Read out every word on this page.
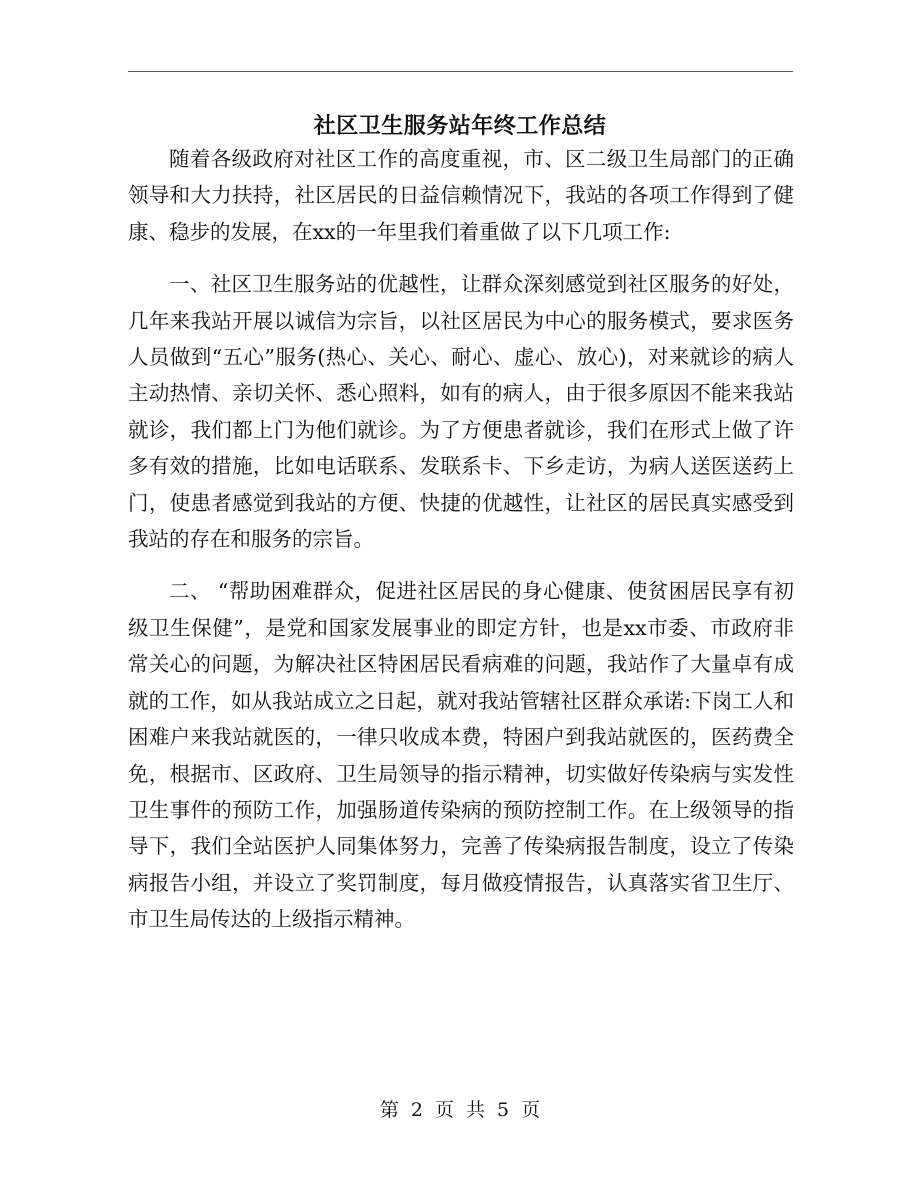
社区卫生服务站年终工作总结

随着各级政府对社区工作的高度重视，市、区二级卫生局部门的正确领导和大力扶持，社区居民的日益信赖情况下，我站的各项工作得到了健康、稳步的发展，在xx的一年里我们着重做了以下几项工作:

一、社区卫生服务站的优越性，让群众深刻感觉到社区服务的好处，几年来我站开展以诚信为宗旨，以社区居民为中心的服务模式，要求医务人员做到“五心”服务(热心、关心、耐心、虚心、放心)，对来就诊的病人主动热情、亲切关怀、悉心照料，如有的病人，由于很多原因不能来我站就诊，我们都上门为他们就诊。为了方便患者就诊，我们在形式上做了许多有效的措施，比如电话联系、发联系卡、下乡走访，为病人送医送药上门，使患者感觉到我站的方便、快捷的优越性，让社区的居民真实感受到我站的存在和服务的宗旨。

二、 “帮助困难群众，促进社区居民的身心健康、使贫困居民享有初级卫生保健”，是党和国家发展事业的即定方针，也是xx市委、市政府非常关心的问题，为解决社区特困居民看病难的问题，我站作了大量卓有成就的工作，如从我站成立之日起，就对我站管辖社区群众承诺:下岗工人和困难户来我站就医的，一律只收成本费，特困户到我站就医的，医药费全免，根据市、区政府、卫生局领导的指示精神，切实做好传染病与实发性卫生事件的预防工作，加强肠道传染病的预防控制工作。在上级领导的指导下，我们全站医护人同集体努力，完善了传染病报告制度，设立了传染病报告小组，并设立了奖罚制度，每月做疫情报告，认真落实省卫生厅、市卫生局传达的上级指示精神。

第 2 页 共 5 页
